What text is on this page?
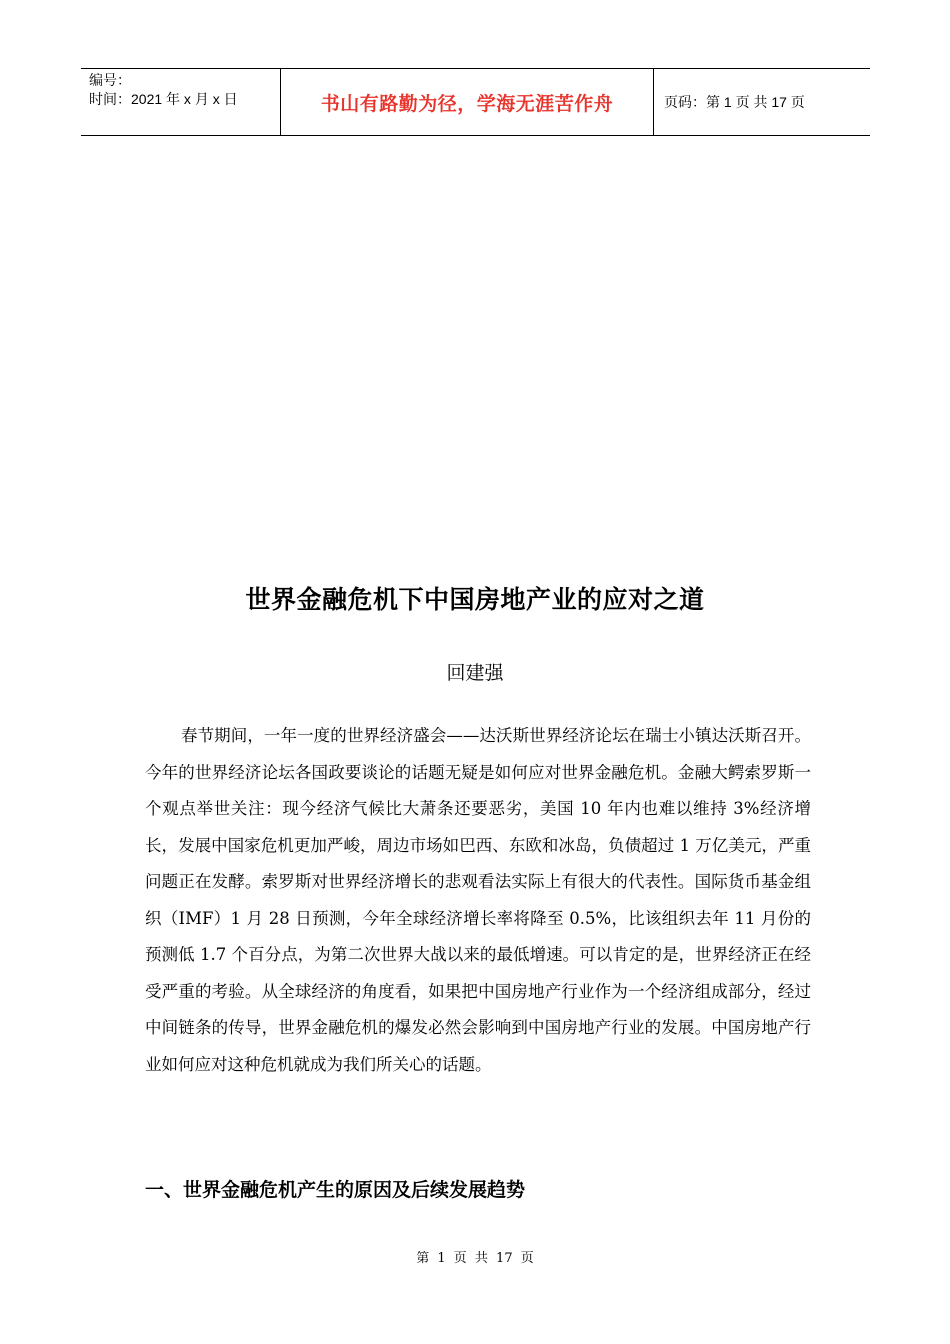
编号：
时间：2021 年 x 月 x 日	书山有路勤为径，学海无涯苦作舟	页码：第 1 页 共 17 页
世界金融危机下中国房地产业的应对之道
回建强

春节期间，一年一度的世界经济盛会——达沃斯世界经济论坛在瑞士小镇达沃斯召开。今年的世界经济论坛各国政要谈论的话题无疑是如何应对世界金融危机。金融大鳄索罗斯一个观点举世关注：现今经济气候比大萧条还要恶劣，美国 10 年内也难以维持 3%经济增长，发展中国家危机更加严峻，周边市场如巴西、东欧和冰岛，负债超过 1 万亿美元，严重问题正在发酵。索罗斯对世界经济增长的悲观看法实际上有很大的代表性。国际货币基金组织（IMF）1 月 28 日预测，今年全球经济增长率将降至 0.5%，比该组织去年 11 月份的预测低 1.7 个百分点，为第二次世界大战以来的最低增速。可以肯定的是，世界经济正在经受严重的考验。从全球经济的角度看，如果把中国房地产行业作为一个经济组成部分，经过中间链条的传导，世界金融危机的爆发必然会影响到中国房地产行业的发展。中国房地产行业如何应对这种危机就成为我们所关心的话题。

一、世界金融危机产生的原因及后续发展趋势
第 1 页 共 17 页
